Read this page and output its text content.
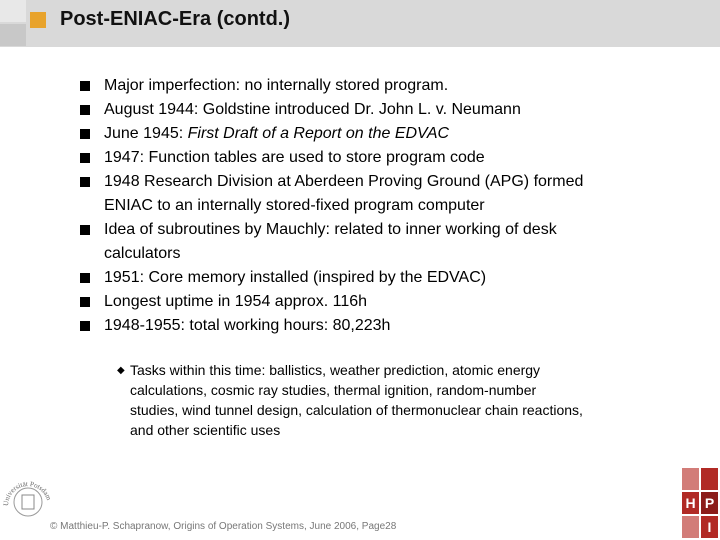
Post-ENIAC-Era (contd.)
Major imperfection: no internally stored program.
August 1944: Goldstine introduced Dr. John L. v. Neumann
June 1945: First Draft of a Report on the EDVAC
1947: Function tables are used to store program code
1948 Research Division at Aberdeen Proving Ground (APG) formed
ENIAC to an internally stored-fixed program computer
Idea of subroutines by Mauchly: related to inner working of desk
calculators
1951: Core memory installed (inspired by the EDVAC)
Longest uptime in 1954 approx. 116h
1948-1955: total working hours: 80,223h
◆ Tasks within this time: ballistics, weather prediction, atomic energy
calculations, cosmic ray studies, thermal ignition, random-number
studies, wind tunnel design, calculation of thermonuclear chain reactions,
and other scientific uses
Universität Potsdam
© Matthieu-P. Schapranow, Origins of Operation Systems, June 2006, Page28
H P
I
